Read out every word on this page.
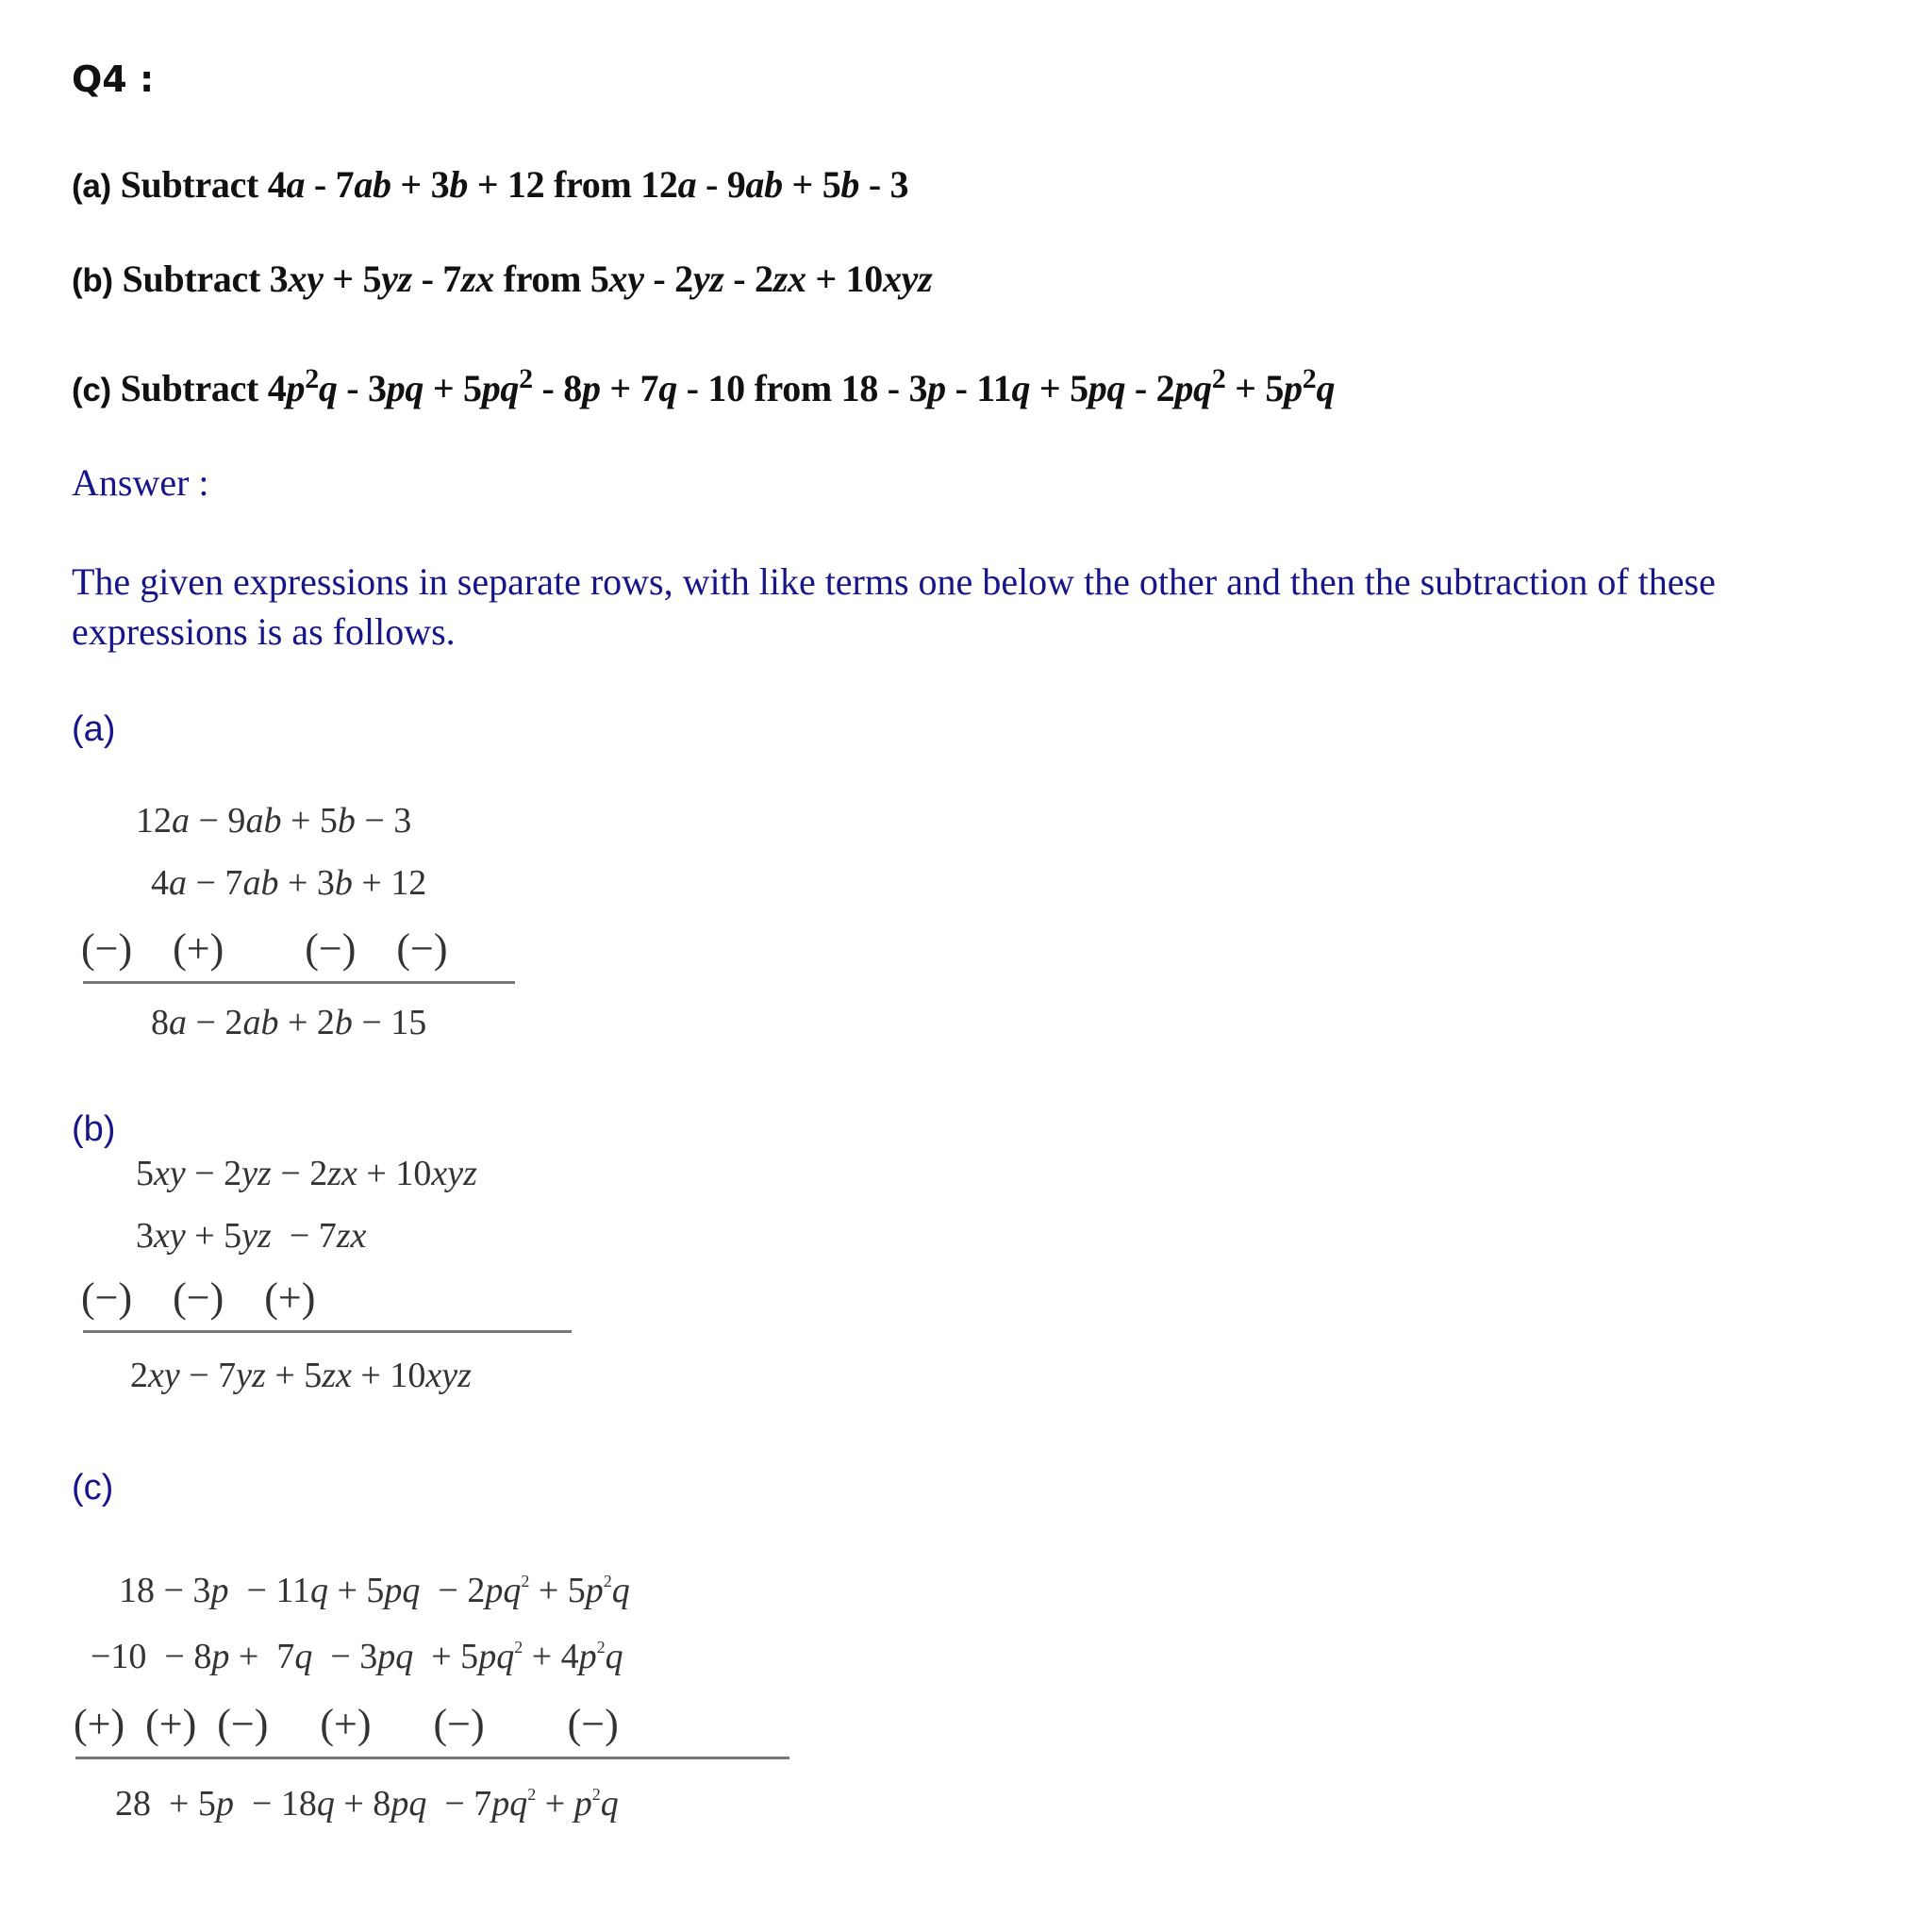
Q4 :
(a) Subtract 4a - 7ab + 3b + 12 from 12a - 9ab + 5b - 3
(b) Subtract 3xy + 5yz - 7zx from 5xy - 2yz - 2zx + 10xyz
(c) Subtract $4p^2q - 3pq + 5pq^2 - 8p + 7q - 10$ from $18 - 3p - 11q + 5pq - 2pq^2 + 5p^2q$
Answer :
The given expressions in separate rows, with like terms one below the other and then the subtraction of these expressions is as follows.
(a)
12a − 9ab + 5b − 3
4a − 7ab + 3b + 12
(−) (+)  (−) (−)
8a − 2ab + 2b − 15
(b)
5xy − 2yz − 2zx + 10xyz
3xy + 5yz  − 7zx
(−) (−) (+)
2xy − 7yz + 5zx + 10xyz
(c)
$18 - 3p - 11q + 5pq - 2pq^2 + 5p^2q$
$-10 - 8p + 7q - 3pq + 5pq^2 + 4p^2q$
(+)  (+)  (−)     (+)      (−)        (−)
$28 + 5p - 18q + 8pq - 7pq^2 + p^2q$
